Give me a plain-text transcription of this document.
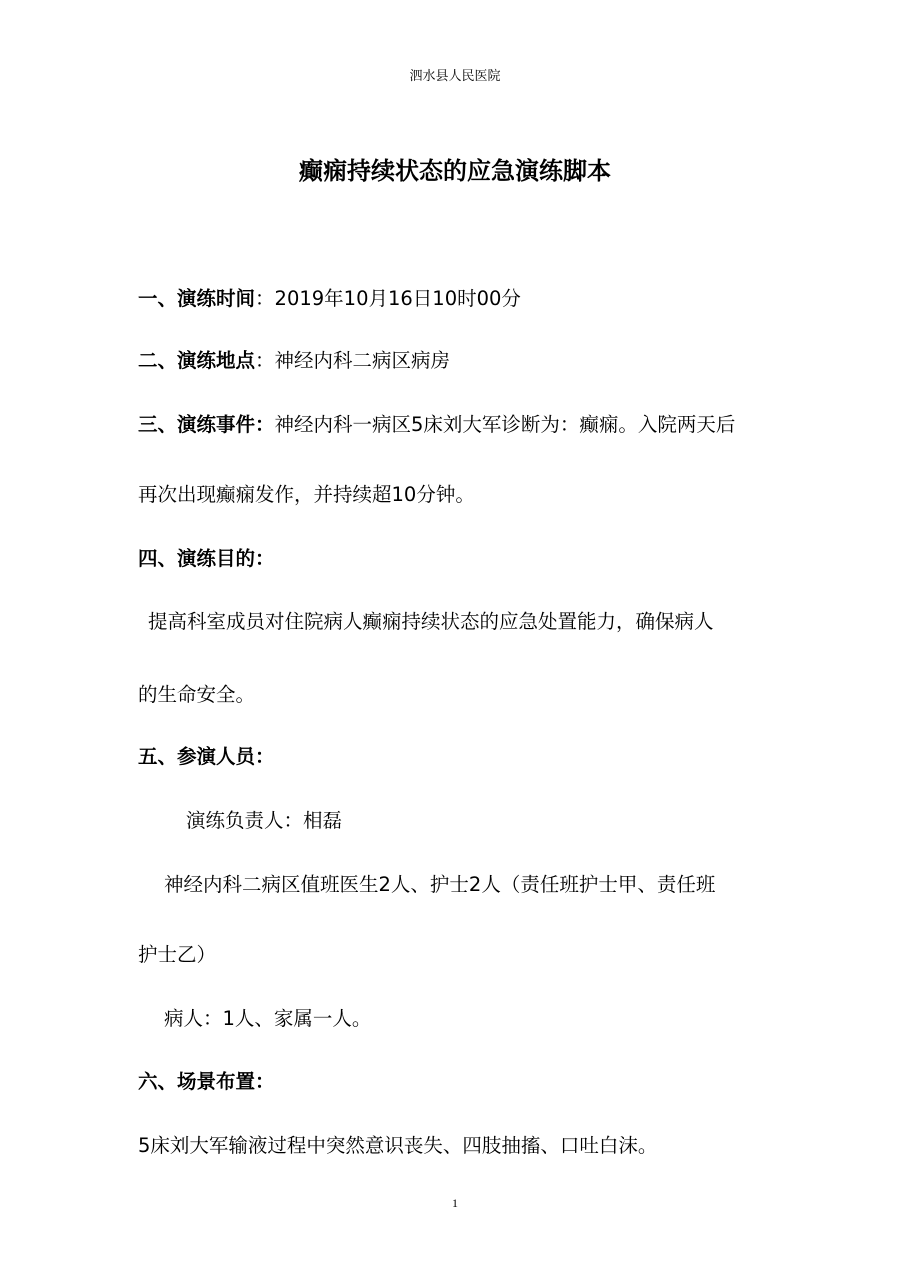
泗水县人民医院
癫痫持续状态的应急演练脚本
一、演练时间：2019年10月16日10时00分
二、演练地点：神经内科二病区病房
三、演练事件：神经内科一病区5床刘大军诊断为：癫痫。入院两天后
再次出现癫痫发作，并持续超10分钟。
四、演练目的：
提高科室成员对住院病人癫痫持续状态的应急处置能力，确保病人
的生命安全。
五、参演人员：
演练负责人：相磊
神经内科二病区值班医生2人、护士2人（责任班护士甲、责任班
护士乙）
病人：1人、家属一人。
六、场景布置：
5床刘大军输液过程中突然意识丧失、四肢抽搐、口吐白沫。
1
